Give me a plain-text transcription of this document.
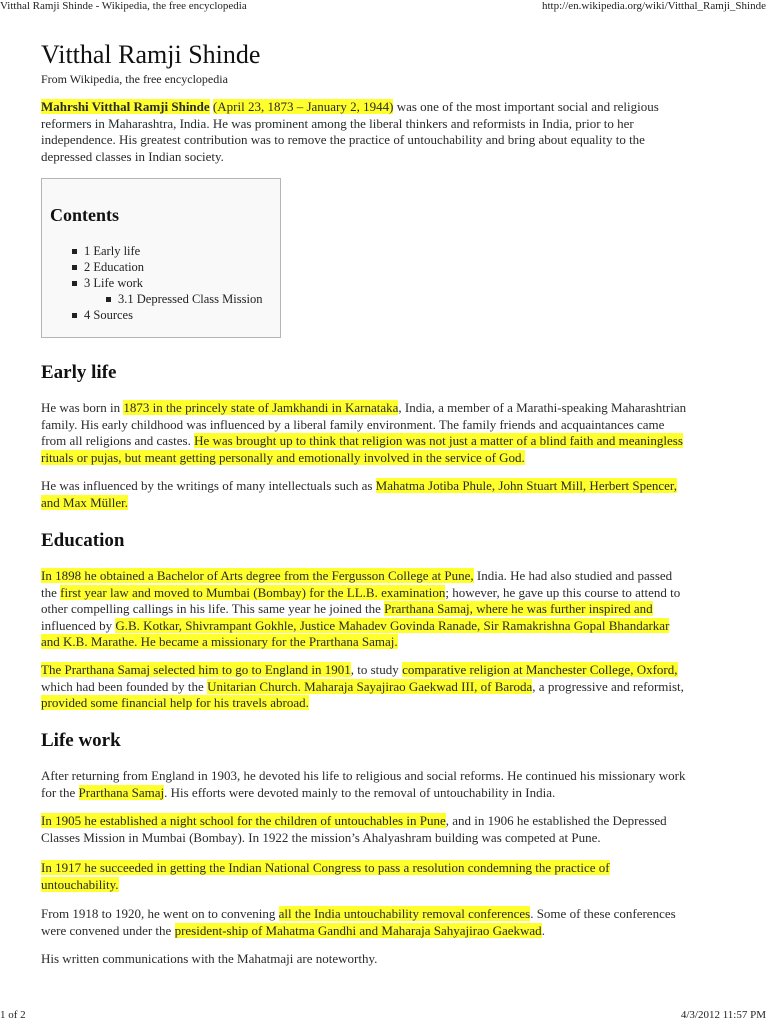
Vitthal Ramji Shinde - Wikipedia, the free encyclopedia	http://en.wikipedia.org/wiki/Vitthal_Ramji_Shinde
Vitthal Ramji Shinde
From Wikipedia, the free encyclopedia

Mahrshi Vitthal Ramji Shinde (April 23, 1873 – January 2, 1944) was one of the most important social and religious
reformers in Maharashtra, India. He was prominent among the liberal thinkers and reformists in India, prior to her
independence. His greatest contribution was to remove the practice of untouchability and bring about equality to the
depressed classes in Indian society.

Contents
1 Early life
2 Education
3 Life work
3.1 Depressed Class Mission
4 Sources
Early life

He was born in 1873 in the princely state of Jamkhandi in Karnataka, India, a member of a Marathi-speaking Maharashtrian
family. His early childhood was influenced by a liberal family environment. The family friends and acquaintances came
from all religions and castes. He was brought up to think that religion was not just a matter of a blind faith and meaningless
rituals or pujas, but meant getting personally and emotionally involved in the service of God.

He was influenced by the writings of many intellectuals such as Mahatma Jotiba Phule, John Stuart Mill, Herbert Spencer,
and Max Müller.

Education

In 1898 he obtained a Bachelor of Arts degree from the Fergusson College at Pune, India. He had also studied and passed
the first year law and moved to Mumbai (Bombay) for the LL.B. examination; however, he gave up this course to attend to
other compelling callings in his life. This same year he joined the Prarthana Samaj, where he was further inspired and
influenced by G.B. Kotkar, Shivrampant Gokhle, Justice Mahadev Govinda Ranade, Sir Ramakrishna Gopal Bhandarkar
and K.B. Marathe. He became a missionary for the Prarthana Samaj.

The Prarthana Samaj selected him to go to England in 1901, to study comparative religion at Manchester College, Oxford,
which had been founded by the Unitarian Church. Maharaja Sayajirao Gaekwad III, of Baroda, a progressive and reformist,
provided some financial help for his travels abroad.

Life work

After returning from England in 1903, he devoted his life to religious and social reforms. He continued his missionary work
for the Prarthana Samaj. His efforts were devoted mainly to the removal of untouchability in India.

In 1905 he established a night school for the children of untouchables in Pune, and in 1906 he established the Depressed
Classes Mission in Mumbai (Bombay). In 1922 the mission’s Ahalyashram building was competed at Pune.

In 1917 he succeeded in getting the Indian National Congress to pass a resolution condemning the practice of
untouchability.

From 1918 to 1920, he went on to convening all the India untouchability removal conferences. Some of these conferences
were convened under the president-ship of Mahatma Gandhi and Maharaja Sahyajirao Gaekwad.

His written communications with the Mahatmaji are noteworthy.

1 of 2	4/3/2012 11:57 PM
